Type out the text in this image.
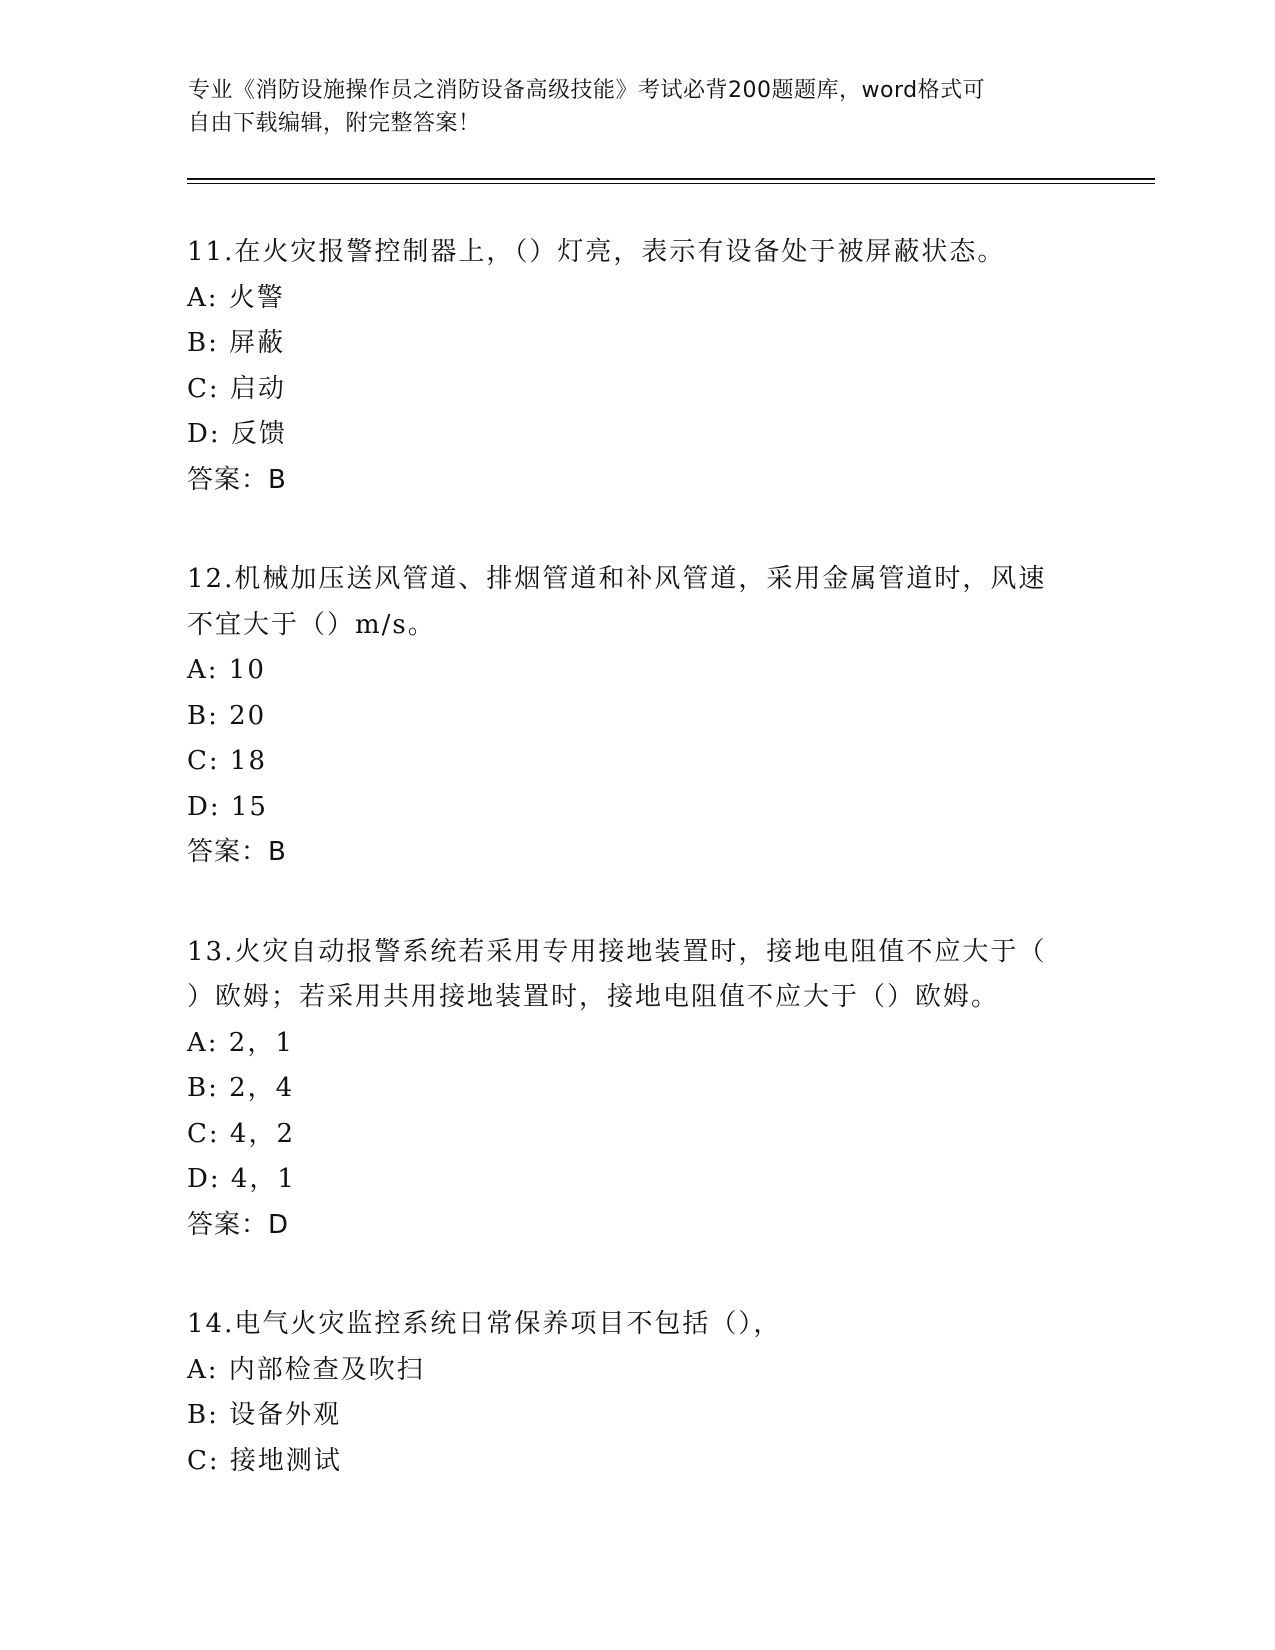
专业《消防设施操作员之消防设备高级技能》考试必背200题题库，word格式可
自由下载编辑，附完整答案！

11.在火灾报警控制器上，（）灯亮，表示有设备处于被屏蔽状态。

A: 火警

B: 屏蔽

C: 启动

D: 反馈

答案：B

12.机械加压送风管道、排烟管道和补风管道，采用金属管道时，风速

不宜大于（）m/s。

A: 10

B: 20

C: 18

D: 15

答案：B

13.火灾自动报警系统若采用专用接地装置时，接地电阻值不应大于（

）欧姆；若采用共用接地装置时，接地电阻值不应大于（）欧姆。

A: 2，1

B: 2，4

C: 4，2

D: 4，1

答案：D

14.电气火灾监控系统日常保养项目不包括（），

A: 内部检查及吹扫

B: 设备外观

C: 接地测试
